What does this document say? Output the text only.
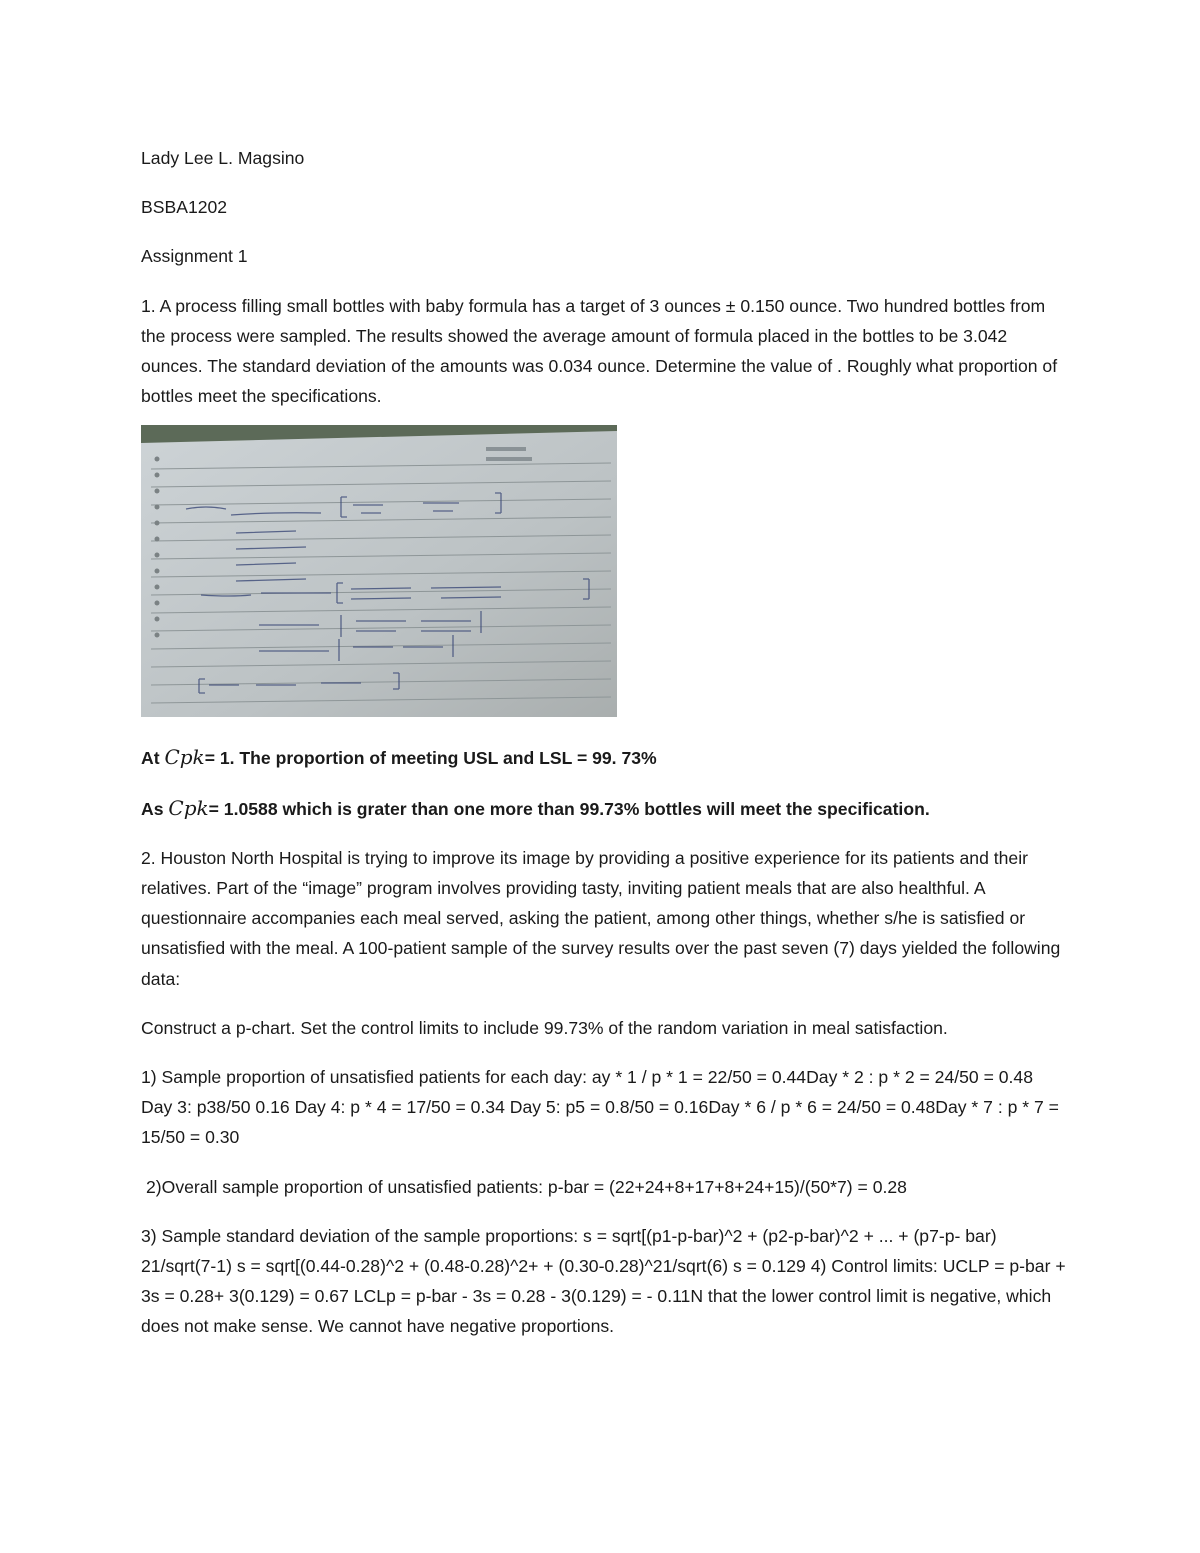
Lady Lee L. Magsino

BSBA1202

Assignment 1

1. A process filling small bottles with baby formula has a target of 3 ounces ± 0.150 ounce. Two hundred bottles from the process were sampled. The results showed the average amount of formula placed in the bottles to be 3.042 ounces. The standard deviation of the amounts was 0.034 ounce. Determine the value of . Roughly what proportion of bottles meet the specifications.

At Cpk= 1. The proportion of meeting USL and LSL = 99. 73%

As Cpk= 1.0588 which is grater than one more than 99.73% bottles will meet the specification.

2. Houston North Hospital is trying to improve its image by providing a positive experience for its patients and their relatives. Part of the “image” program involves providing tasty, inviting patient meals that are also healthful. A questionnaire accompanies each meal served, asking the patient, among other things, whether s/he is satisfied or unsatisfied with the meal. A 100-patient sample of the survey results over the past seven (7) days yielded the following data:

Construct a p-chart. Set the control limits to include 99.73% of the random variation in meal satisfaction.

1) Sample proportion of unsatisfied patients for each day: ay * 1 / p * 1 = 22/50 = 0.44Day * 2 : p * 2 = 24/50 = 0.48 Day 3: p38/50 0.16 Day 4: p * 4 = 17/50 = 0.34 Day 5: p5 = 0.8/50 = 0.16Day * 6 / p * 6 = 24/50 = 0.48Day * 7 : p * 7 = 15/50 = 0.30

2)Overall sample proportion of unsatisfied patients: p-bar = (22+24+8+17+8+24+15)/(50*7) = 0.28

3) Sample standard deviation of the sample proportions: s = sqrt[(p1-p-bar)^2 + (p2-p-bar)^2 + ... + (p7-p- bar) 21/sqrt(7-1) s = sqrt[(0.44-0.28)^2 + (0.48-0.28)^2+ + (0.30-0.28)^21/sqrt(6) s = 0.129 4) Control limits: UCLP = p-bar + 3s = 0.28+ 3(0.129) = 0.67 LCLp = p-bar - 3s = 0.28 - 3(0.129) = - 0.11N that the lower control limit is negative, which does not make sense. We cannot have negative proportions.
